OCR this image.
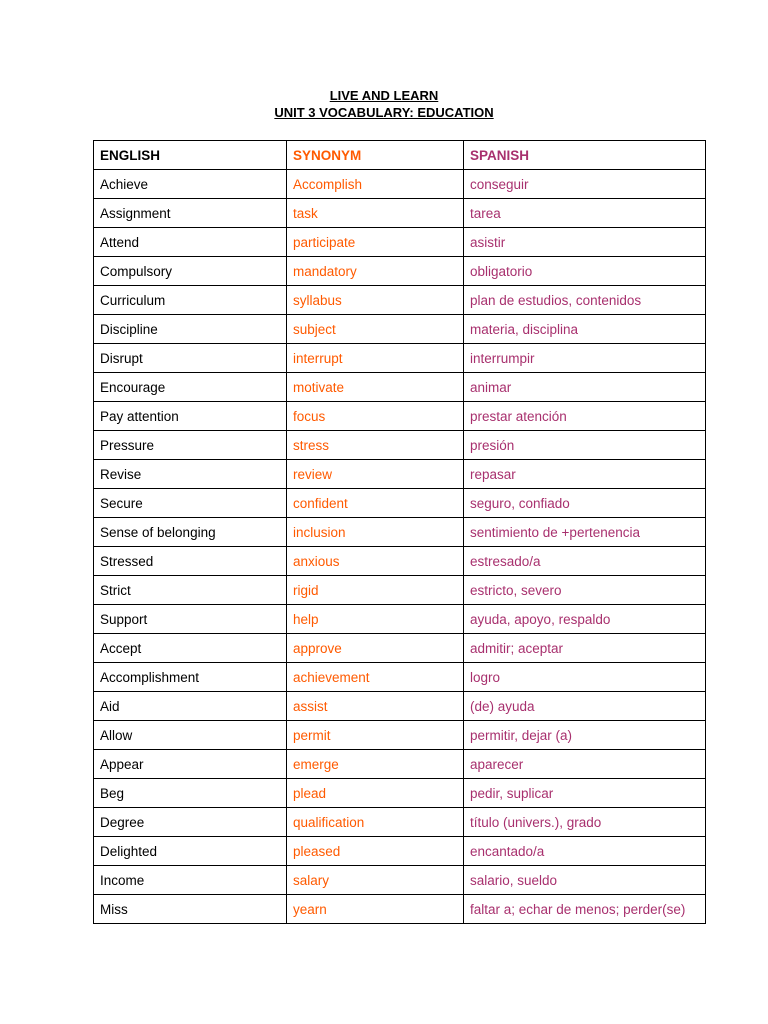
LIVE AND LEARN
UNIT 3 VOCABULARY: EDUCATION
ENGLISH	SYNONYM	SPANISH
Achieve	Accomplish	conseguir
Assignment	task	tarea
Attend	participate	asistir
Compulsory	mandatory	obligatorio
Curriculum	syllabus	plan de estudios, contenidos
Discipline	subject	materia, disciplina
Disrupt	interrupt	interrumpir
Encourage	motivate	animar
Pay attention	focus	prestar atención
Pressure	stress	presión
Revise	review	repasar
Secure	confident	seguro, confiado
Sense of belonging	inclusion	sentimiento de +pertenencia
Stressed	anxious	estresado/a
Strict	rigid	estricto, severo
Support	help	ayuda, apoyo, respaldo
Accept	approve	admitir; aceptar
Accomplishment	achievement	logro
Aid	assist	(de) ayuda
Allow	permit	permitir, dejar (a)
Appear	emerge	aparecer
Beg	plead	pedir, suplicar
Degree	qualification	título (univers.), grado
Delighted	pleased	encantado/a
Income	salary	salario, sueldo
Miss	yearn	faltar a; echar de menos; perder(se)
